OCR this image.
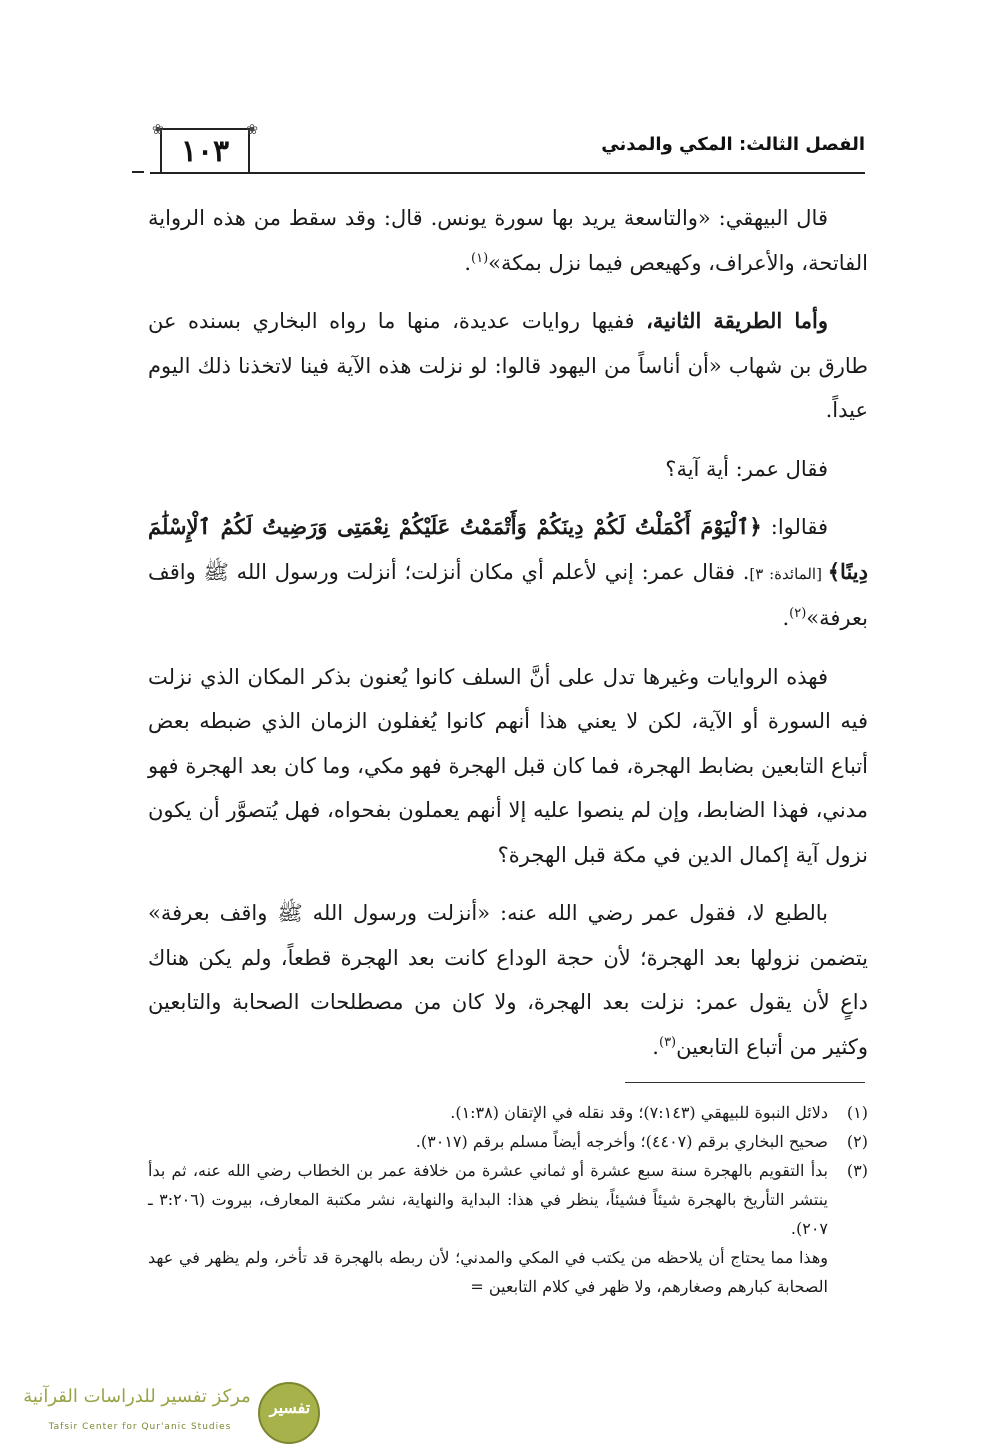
الفصل الثالث: المكي والمدني
❀	❀
١٠٣

قال البيهقي: «والتاسعة يريد بها سورة يونس. قال: وقد سقط من هذه الرواية الفاتحة، والأعراف، وكهيعص فيما نزل بمكة»$^{(١)}$.

وأما الطريقة الثانية، ففيها روايات عديدة، منها ما رواه البخاري بسنده عن طارق بن شهاب «أن أناساً من اليهود قالوا: لو نزلت هذه الآية فينا لاتخذنا ذلك اليوم عيداً.

فقال عمر: أية آية؟

فقالوا: ﴿ٱلْيَوْمَ أَكْمَلْتُ لَكُمْ دِينَكُمْ وَأَتْمَمْتُ عَلَيْكُمْ نِعْمَتِى وَرَضِيتُ لَكُمُ ٱلْإِسْلَٰمَ دِينًا﴾ [المائدة: ٣]. فقال عمر: إني لأعلم أي مكان أنزلت؛ أنزلت ورسول الله ﷺ واقف بعرفة»$^{(٢)}$.

فهذه الروايات وغيرها تدل على أنَّ السلف كانوا يُعنون بذكر المكان الذي نزلت فيه السورة أو الآية، لكن لا يعني هذا أنهم كانوا يُغفلون الزمان الذي ضبطه بعض أتباع التابعين بضابط الهجرة، فما كان قبل الهجرة فهو مكي، وما كان بعد الهجرة فهو مدني، فهذا الضابط، وإن لم ينصوا عليه إلا أنهم يعملون بفحواه، فهل يُتصوَّر أن يكون نزول آية إكمال الدين في مكة قبل الهجرة؟

بالطبع لا، فقول عمر رضي الله عنه: «أنزلت ورسول الله ﷺ واقف بعرفة» يتضمن نزولها بعد الهجرة؛ لأن حجة الوداع كانت بعد الهجرة قطعاً، ولم يكن هناك داعٍ لأن يقول عمر: نزلت بعد الهجرة، ولا كان من مصطلحات الصحابة والتابعين وكثير من أتباع التابعين$^{(٣)}$.

(١)
دلائل النبوة للبيهقي (٧:١٤٣)؛ وقد نقله في الإتقان (١:٣٨).
(٢)
صحيح البخاري برقم (٤٤٠٧)؛ وأخرجه أيضاً مسلم برقم (٣٠١٧).
(٣)
بدأ التقويم بالهجرة سنة سبع عشرة أو ثماني عشرة من خلافة عمر بن الخطاب رضي الله عنه، ثم بدأ ينتشر التأريخ بالهجرة شيئاً فشيئاً، ينظر في هذا: البداية والنهاية، نشر مكتبة المعارف، بيروت (٣:٢٠٦ ـ ٢٠٧).
وهذا مما يحتاج أن يلاحظه من يكتب في المكي والمدني؛ لأن ربطه بالهجرة قد تأخر، ولم يظهر في عهد الصحابة كبارهم وصغارهم، ولا ظهر في كلام التابعين =
مركز تفسير للدراسات القرآنية
Tafsir Center for Qur'anic Studies
تفسير
